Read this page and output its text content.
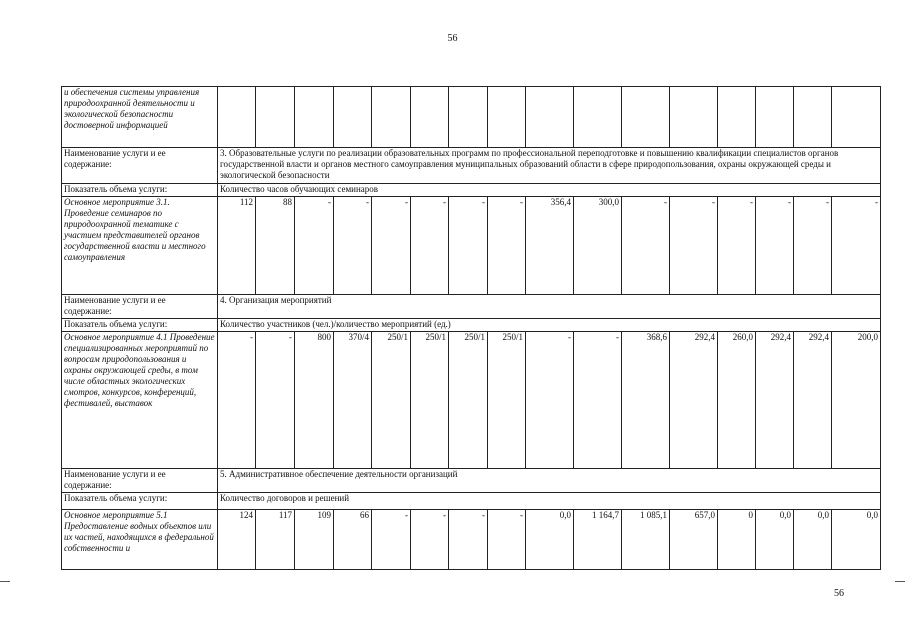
56
и обеспечения системы управления природоохранной деятельности и экологической безопасности достоверной информацией																
Наименование услуги и ее содержание:	3. Образовательные услуги по реализации образовательных программ по профессиональной переподготовке и повышению квалификации специалистов органов государственной власти и органов местного самоуправления муниципальных образований области в сфере природопользования, охраны окружающей среды и экологической безопасности															
Показатель объема услуги:	Количество часов обучающих семинаров															
Основное мероприятие 3.1. Проведение семинаров по природоохранной тематике с участием представителей органов государственной власти и местного самоуправления	112	88	-	-	-	-	-	-	356,4	300,0	-	-	-	-	-	-
Наименование услуги и ее содержание:	4. Организация мероприятий															
Показатель объема услуги:	Количество участников (чел.)/количество мероприятий (ед.)															
Основное мероприятие 4.1 Проведение специализированных мероприятий по вопросам природопользования и охраны окружающей среды, в том числе областных экологических смотров, конкурсов, конференций, фестивалей, выставок	-	-	800	370/4	250/1	250/1	250/1	250/1	-	-	368,6	292,4	260,0	292,4	292,4	200,0
Наименование услуги и ее содержание:	5. Административное обеспечение деятельности организаций															
Показатель объема услуги:	Количество договоров и решений															
Основное мероприятие 5.1 Предоставление водных объектов или их частей, находящихся в федеральной собственности и	124	117	109	66	-	-	-	-	0,0	1 164,7	1 085,1	657,0	0	0,0	0,0	0,0
56
